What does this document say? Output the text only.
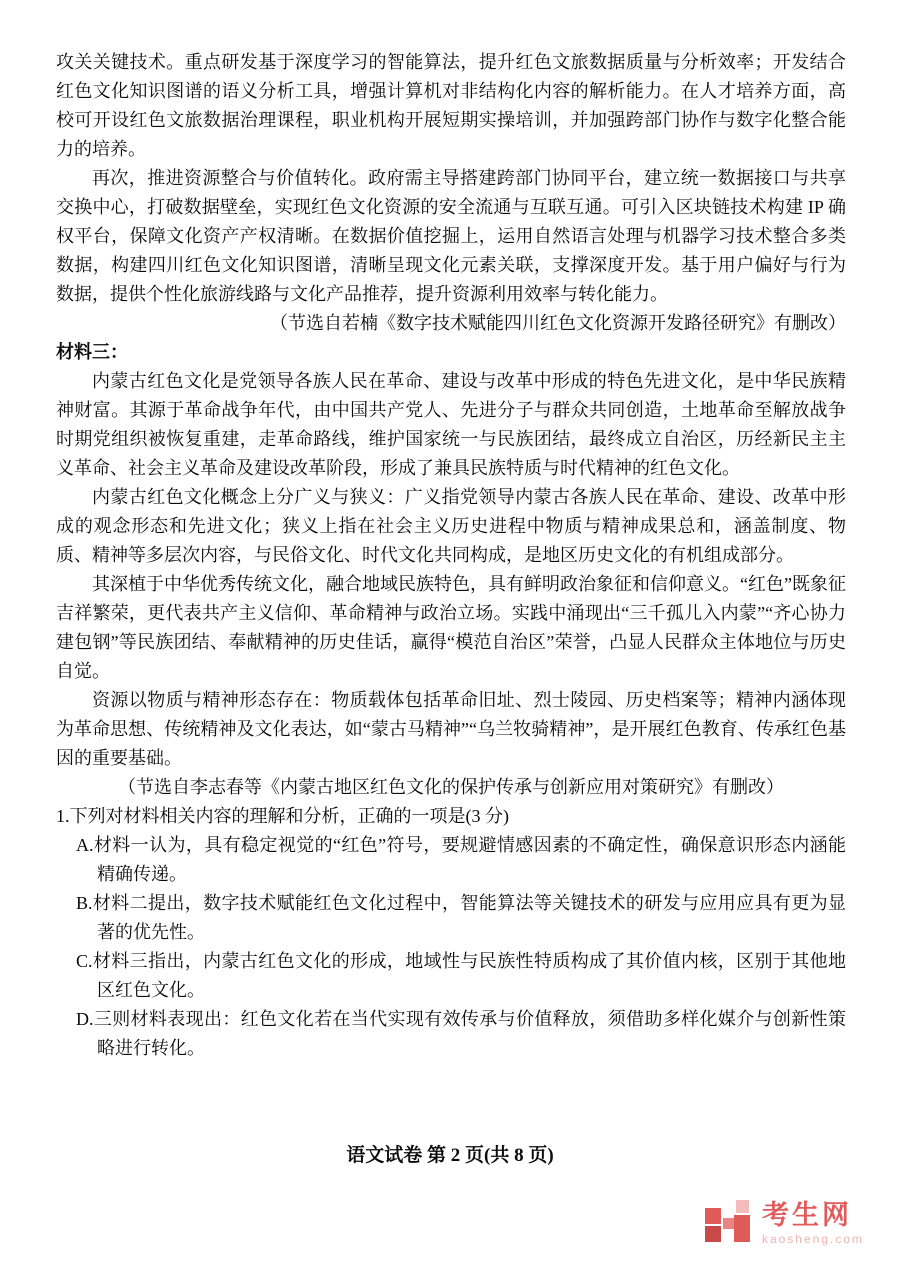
攻关关键技术。重点研发基于深度学习的智能算法，提升红色文旅数据质量与分析效率；开发结合红色文化知识图谱的语义分析工具，增强计算机对非结构化内容的解析能力。在人才培养方面，高校可开设红色文旅数据治理课程，职业机构开展短期实操培训，并加强跨部门协作与数字化整合能力的培养。

再次，推进资源整合与价值转化。政府需主导搭建跨部门协同平台，建立统一数据接口与共享交换中心，打破数据壁垒，实现红色文化资源的安全流通与互联互通。可引入区块链技术构建 IP 确权平台，保障文化资产产权清晰。在数据价值挖掘上，运用自然语言处理与机器学习技术整合多类数据，构建四川红色文化知识图谱，清晰呈现文化元素关联，支撑深度开发。基于用户偏好与行为数据，提供个性化旅游线路与文化产品推荐，提升资源利用效率与转化能力。

（节选自若楠《数字技术赋能四川红色文化资源开发路径研究》有删改）

材料三：

内蒙古红色文化是党领导各族人民在革命、建设与改革中形成的特色先进文化，是中华民族精神财富。其源于革命战争年代，由中国共产党人、先进分子与群众共同创造，土地革命至解放战争时期党组织被恢复重建，走革命路线，维护国家统一与民族团结，最终成立自治区，历经新民主主义革命、社会主义革命及建设改革阶段，形成了兼具民族特质与时代精神的红色文化。

内蒙古红色文化概念上分广义与狭义：广义指党领导内蒙古各族人民在革命、建设、改革中形成的观念形态和先进文化；狭义上指在社会主义历史进程中物质与精神成果总和，涵盖制度、物质、精神等多层次内容，与民俗文化、时代文化共同构成，是地区历史文化的有机组成部分。

其深植于中华优秀传统文化，融合地域民族特色，具有鲜明政治象征和信仰意义。“红色”既象征吉祥繁荣，更代表共产主义信仰、革命精神与政治立场。实践中涌现出“三千孤儿入内蒙”“齐心协力建包钢”等民族团结、奉献精神的历史佳话，赢得“模范自治区”荣誉，凸显人民群众主体地位与历史自觉。

资源以物质与精神形态存在：物质载体包括革命旧址、烈士陵园、历史档案等；精神内涵体现为革命思想、传统精神及文化表达，如“蒙古马精神”“乌兰牧骑精神”，是开展红色教育、传承红色基因的重要基础。

（节选自李志春等《内蒙古地区红色文化的保护传承与创新应用对策研究》有删改）

1.下列对材料相关内容的理解和分析，正确的一项是(3 分)

A.材料一认为，具有稳定视觉的“红色”符号，要规避情感因素的不确定性，确保意识形态内涵能精确传递。

B.材料二提出，数字技术赋能红色文化过程中，智能算法等关键技术的研发与应用应具有更为显著的优先性。

C.材料三指出，内蒙古红色文化的形成，地域性与民族性特质构成了其价值内核，区别于其他地区红色文化。

D.三则材料表现出：红色文化若在当代实现有效传承与价值释放，须借助多样化媒介与创新性策略进行转化。

语文试卷 第 2 页(共 8 页)
考生网
kaosheng.com
